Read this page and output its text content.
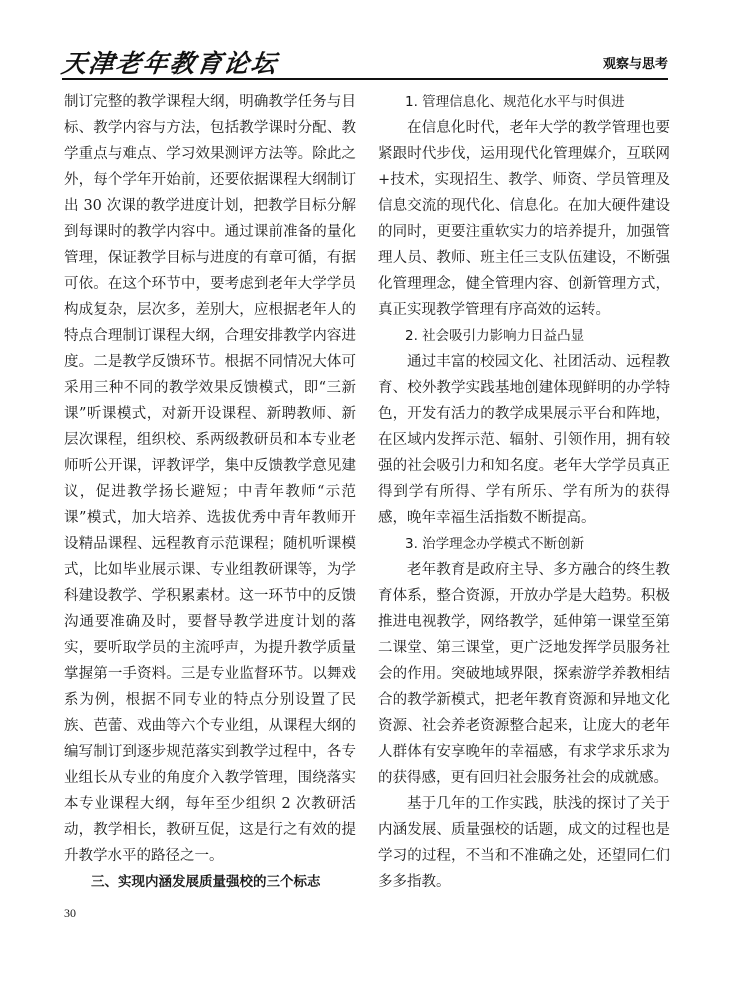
天津老年教育论坛	观察与思考

制订完整的教学课程大纲，明确教学任务与目标、教学内容与方法，包括教学课时分配、教学重点与难点、学习效果测评方法等。除此之外，每个学年开始前，还要依据课程大纲制订出 30 次课的教学进度计划，把教学目标分解到每课时的教学内容中。通过课前准备的量化管理，保证教学目标与进度的有章可循，有据可依。在这个环节中，要考虑到老年大学学员构成复杂，层次多，差别大，应根据老年人的特点合理制订课程大纲，合理安排教学内容进度。二是教学反馈环节。根据不同情况大体可采用三种不同的教学效果反馈模式，即“三新课”听课模式，对新开设课程、新聘教师、新层次课程，组织校、系两级教研员和本专业老师听公开课，评教评学，集中反馈教学意见建议，促进教学扬长避短；中青年教师“示范课”模式，加大培养、选拔优秀中青年教师开设精品课程、远程教育示范课程；随机听课模式，比如毕业展示课、专业组教研课等，为学科建设教学、学积累素材。这一环节中的反馈沟通要准确及时，要督导教学进度计划的落实，要听取学员的主流呼声，为提升教学质量掌握第一手资料。三是专业监督环节。以舞戏系为例，根据不同专业的特点分别设置了民族、芭蕾、戏曲等六个专业组，从课程大纲的编写制订到逐步规范落实到教学过程中，各专业组长从专业的角度介入教学管理，围绕落实本专业课程大纲，每年至少组织 2 次教研活动，教学相长，教研互促，这是行之有效的提升教学水平的路径之一。

三、实现内涵发展质量强校的三个标志

1. 管理信息化、规范化水平与时俱进

在信息化时代，老年大学的教学管理也要紧跟时代步伐，运用现代化管理媒介，互联网+技术，实现招生、教学、师资、学员管理及信息交流的现代化、信息化。在加大硬件建设的同时，更要注重软实力的培养提升，加强管理人员、教师、班主任三支队伍建设，不断强化管理理念，健全管理内容、创新管理方式，真正实现教学管理有序高效的运转。

2. 社会吸引力影响力日益凸显

通过丰富的校园文化、社团活动、远程教育、校外教学实践基地创建体现鲜明的办学特色，开发有活力的教学成果展示平台和阵地，在区域内发挥示范、辐射、引领作用，拥有较强的社会吸引力和知名度。老年大学学员真正得到学有所得、学有所乐、学有所为的获得感，晚年幸福生活指数不断提高。

3. 治学理念办学模式不断创新

老年教育是政府主导、多方融合的终生教育体系，整合资源，开放办学是大趋势。积极推进电视教学，网络教学，延伸第一课堂至第二课堂、第三课堂，更广泛地发挥学员服务社会的作用。突破地域界限，探索游学养教相结合的教学新模式，把老年教育资源和异地文化资源、社会养老资源整合起来，让庞大的老年人群体有安享晚年的幸福感，有求学求乐求为的获得感，更有回归社会服务社会的成就感。

基于几年的工作实践，肤浅的探讨了关于内涵发展、质量强校的话题，成文的过程也是学习的过程，不当和不准确之处，还望同仁们多多指教。

30
